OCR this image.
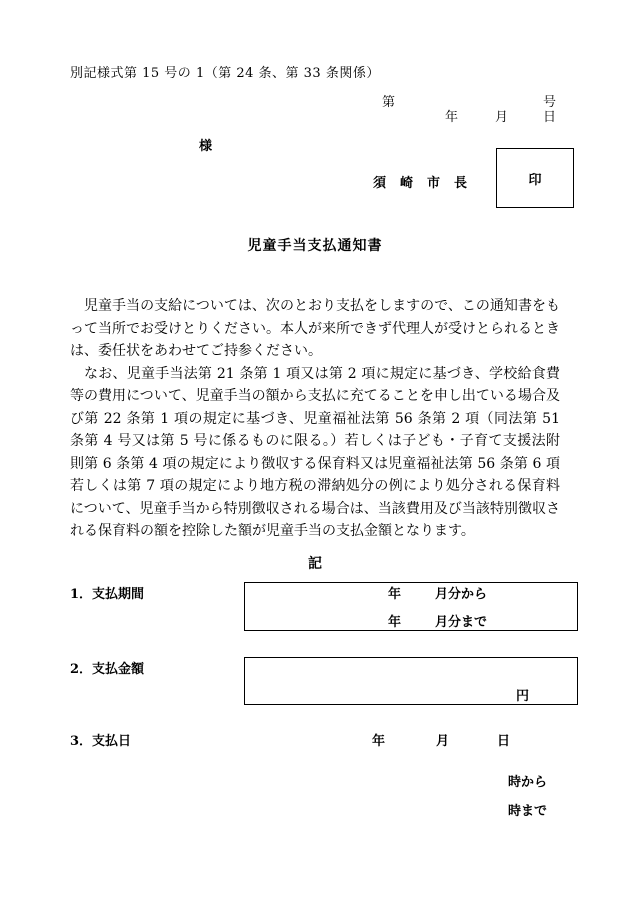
別記様式第 15 号の 1（第 24 条、第 33 条関係）
第	号
年	月	日
様
須崎市長	印
児童手当支払通知書

児童手当の支給については、次のとおり支払をしますので、この通知書をもって当所でお受けとりください。本人が来所できず代理人が受けとられるときは、委任状をあわせてご持参ください。

なお、児童手当法第 21 条第 1 項又は第 2 項に規定に基づき、学校給食費等の費用について、児童手当の額から支払に充てることを申し出ている場合及び第 22 条第 1 項の規定に基づき、児童福祉法第 56 条第 2 項（同法第 51 条第 4 号又は第 5 号に係るものに限る。）若しくは子ども・子育て支援法附則第 6 条第 4 項の規定により徴収する保育料又は児童福祉法第 56 条第 6 項若しくは第 7 項の規定により地方税の滞納処分の例により処分される保育料について、児童手当から特別徴収される場合は、当該費用及び当該特別徴収される保育料の額を控除した額が児童手当の支払金額となります。

記
1．支払期間	年	月分から
年	月分まで
2．支払金額
円
3．支払日	年	月	日
時から
時まで
